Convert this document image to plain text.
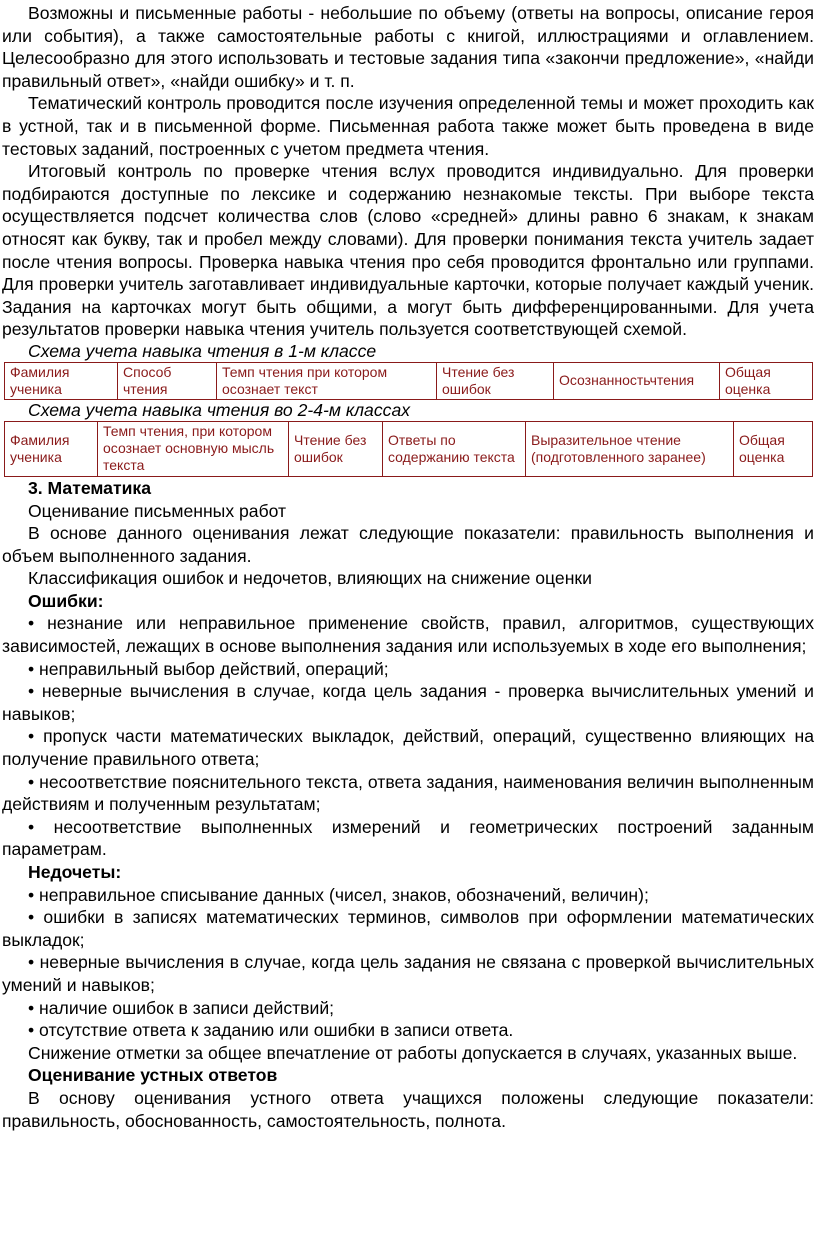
Возможны и письменные работы - небольшие по объему (ответы на вопросы, описание героя или события), а также самостоятельные работы с книгой, иллюстрациями и оглавлением. Целесообразно для этого использовать и тестовые задания типа «закончи предложение», «найди правильный ответ», «найди ошибку» и т. п.

Тематический контроль проводится после изучения определенной темы и может проходить как в устной, так и в письменной форме. Письменная работа также может быть проведена в виде тестовых заданий, построенных с учетом предмета чтения.

Итоговый контроль по проверке чтения вслух проводится индивидуально. Для проверки подбираются доступные по лексике и содержанию незнакомые тексты. При выборе текста осуществляется подсчет количества слов (слово «средней» длины равно 6 знакам, к знакам относят как букву, так и пробел между словами). Для проверки понимания текста учитель задает после чтения вопросы. Проверка навыка чтения про себя проводится фронтально или группами. Для проверки учитель заготавливает индивидуальные карточки, которые получает каждый ученик. Задания на карточках могут быть общими, а могут быть дифференцированными. Для учета результатов проверки навыка чтения учитель пользуется соответствующей схемой.

Схема учета навыка чтения в 1-м классе

Фамилия ученика	Способ чтения	Темп чтения при котором осознает текст	Чтение без ошибок	Осознанностьчтения	Общая оценка

Схема учета навыка чтения во 2-4-м классах

Фамилия ученика	Темп чтения, при котором осознает основную мысль текста	Чтение без ошибок	Ответы по содержанию текста	Выразительное чтение (подготовленного заранее)	Общая оценка

3. Математика

Оценивание письменных работ

В основе данного оценивания лежат следующие показатели: правильность выполнения и объем выполненного задания.

Классификация ошибок и недочетов, влияющих на снижение оценки

Ошибки:

• незнание или неправильное применение свойств, правил, алгоритмов, существующих зависимостей, лежащих в основе выполнения задания или используемых в ходе его выполнения;

• неправильный выбор действий, операций;

• неверные вычисления в случае, когда цель задания - проверка вычислительных умений и навыков;

• пропуск части математических выкладок, действий, операций, существенно влияющих на получение правильного ответа;

• несоответствие пояснительного текста, ответа задания, наименования величин выполненным действиям и полученным результатам;

• несоответствие выполненных измерений и геометрических построений заданным параметрам.

Недочеты:

• неправильное списывание данных (чисел, знаков, обозначений, величин);

• ошибки в записях математических терминов, символов при оформлении математических выкладок;

• неверные вычисления в случае, когда цель задания не связана с проверкой вычислительных умений и навыков;

• наличие ошибок в записи действий;

• отсутствие ответа к заданию или ошибки в записи ответа.

Снижение отметки за общее впечатление от работы допускается в случаях, указанных выше.

Оценивание устных ответов

В основу оценивания устного ответа учащихся положены следующие показатели: правильность, обоснованность, самостоятельность, полнота.
